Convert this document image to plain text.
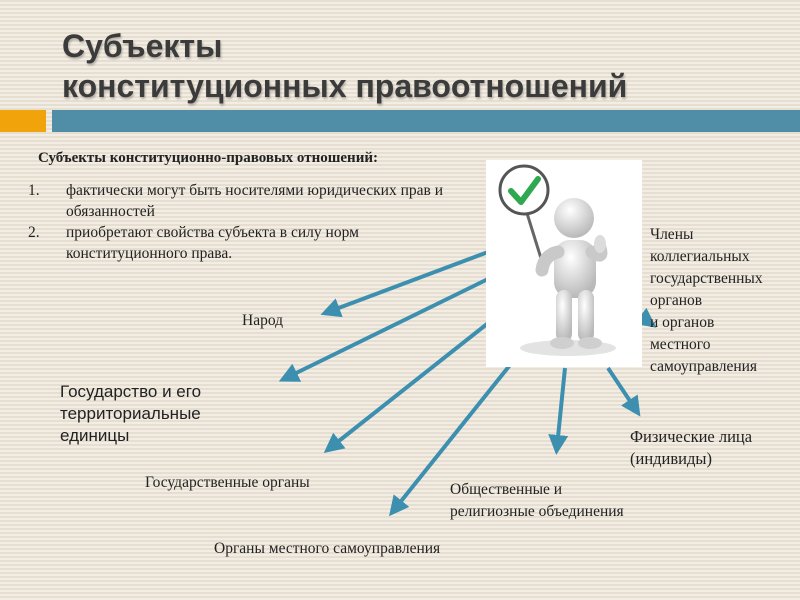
Субъекты
конституционных правоотношений
Субъекты конституционно-правовых отношений:
1. фактически могут быть носителями юридических прав и обязанностей
2. приобретают свойства субъекта в силу норм конституционного права.
Народ
Государство и его
территориальные
единицы
Государственные органы
Органы местного самоуправления
Общественные и
религиозные объединения
Физические лица
(индивиды)
Члены
коллегиальных
государственных
органов
и органов
местного
самоуправления
